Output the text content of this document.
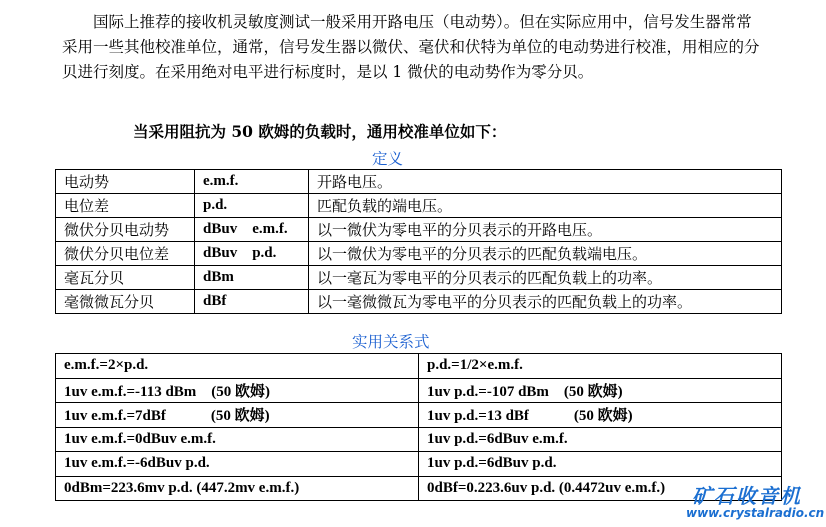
国际上推荐的接收机灵敏度测试一般采用开路电压（电动势）。但在实际应用中，信号发生器常常采用一些其他校准单位，通常，信号发生器以微伏、毫伏和伏特为单位的电动势进行校准，用相应的分贝进行刻度。在采用绝对电平进行标度时，是以 1 微伏的电动势作为零分贝。

当采用阻抗为 50 欧姆的负载时，通用校准单位如下：

定义
电动势	e.m.f.	开路电压。
电位差	p.d.	匹配负载的端电压。
微伏分贝电动势	dBuv    e.m.f.	以一微伏为零电平的分贝表示的开路电压。
微伏分贝电位差	dBuv    p.d.	以一微伏为零电平的分贝表示的匹配负载端电压。
毫瓦分贝	dBm	以一毫瓦为零电平的分贝表示的匹配负载上的功率。
毫微微瓦分贝	dBf	以一毫微微瓦为零电平的分贝表示的匹配负载上的功率。
实用关系式
e.m.f.=2×p.d.	p.d.=1/2×e.m.f.
1uv e.m.f.=-113 dBm    (50 欧姆)	1uv p.d.=-107 dBm    (50 欧姆)
1uv e.m.f.=7dBf            (50 欧姆)	1uv p.d.=13 dBf            (50 欧姆)
1uv e.m.f.=0dBuv e.m.f.	1uv p.d.=6dBuv e.m.f.
1uv e.m.f.=-6dBuv p.d.	1uv p.d.=6dBuv p.d.
0dBm=223.6mv p.d. (447.2mv e.m.f.)	0dBf=0.223.6uv p.d. (0.4472uv e.m.f.) 矿石收音机
www.crystalradio.cn
